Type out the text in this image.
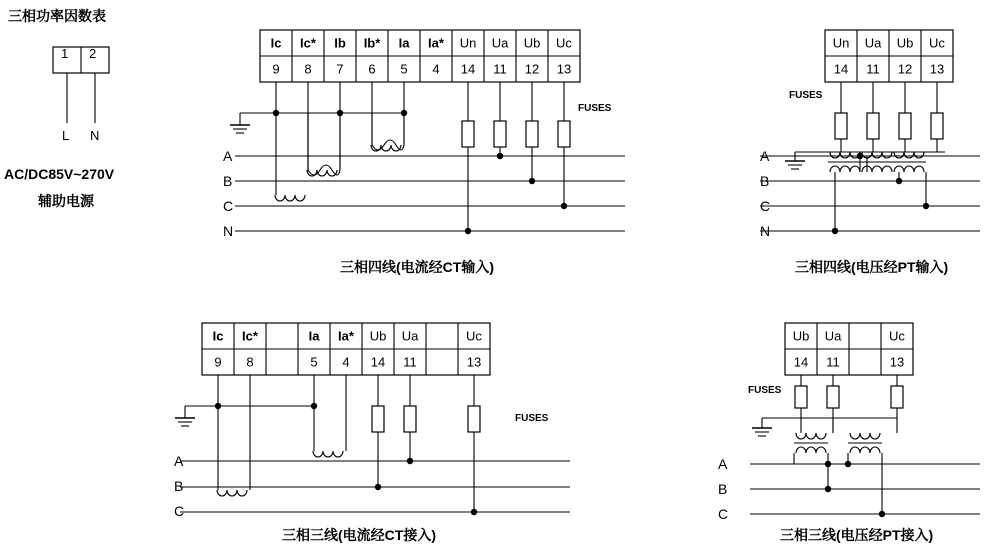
三相功率因数表
1 2
L N
AC/DC85V~270V
辅助电源
Ic Ic* Ib Ib* Ia Ia* Un Ua Ub Uc
9 8 7 6 5 4 14 11 12 13
FUSES
A
B
C
N
三相四线(电流经CT输入)
Un Ua Ub Uc
14 11 12 13
FUSES
A
B
C
N
三相四线(电压经PT输入)
Ic Ic*	Ia Ia* Ub Ua	Uc
9 8	5 4 14 11	13
FUSES
A
B
C
三相三线(电流经CT接入)
Ub Ua	Uc
14 11	13
FUSES
A
B
C
三相三线(电压经PT接入)
